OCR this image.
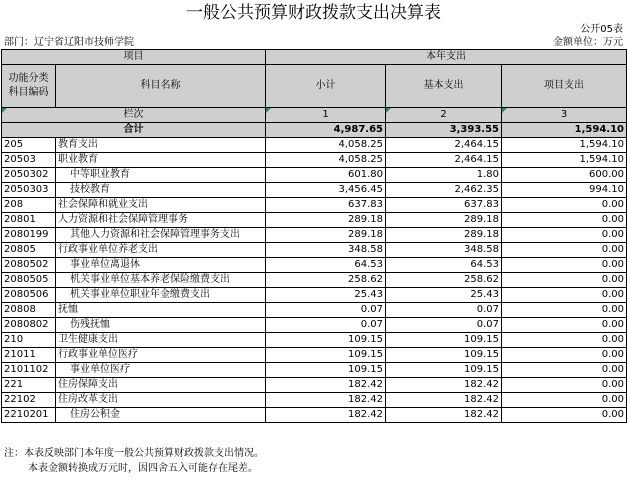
一般公共预算财政拨款支出决算表
公开05表
部门：辽宁省辽阳市技师学院	金额单位：万元
项目		本年支出		
功能分类科目编码	科目名称	小计	基本支出	项目支出
栏次		1	2	3
合计		4,987.65	3,393.55	1,594.10
205	教育支出	4,058.25	2,464.15	1,594.10
20503	职业教育	4,058.25	2,464.15	1,594.10
2050302	中等职业教育	601.80	1.80	600.00
2050303	技校教育	3,456.45	2,462.35	994.10
208	社会保障和就业支出	637.83	637.83	0.00
20801	人力资源和社会保障管理事务	289.18	289.18	0.00
2080199	其他人力资源和社会保障管理事务支出	289.18	289.18	0.00
20805	行政事业单位养老支出	348.58	348.58	0.00
2080502	事业单位离退休	64.53	64.53	0.00
2080505	机关事业单位基本养老保险缴费支出	258.62	258.62	0.00
2080506	机关事业单位职业年金缴费支出	25.43	25.43	0.00
20808	抚恤	0.07	0.07	0.00
2080802	伤残抚恤	0.07	0.07	0.00
210	卫生健康支出	109.15	109.15	0.00
21011	行政事业单位医疗	109.15	109.15	0.00
2101102	事业单位医疗	109.15	109.15	0.00
221	住房保障支出	182.42	182.42	0.00
22102	住房改革支出	182.42	182.42	0.00
2210201	住房公积金	182.42	182.42	0.00
注：本表反映部门本年度一般公共预算财政拨款支出情况。
本表金额转换成万元时，因四舍五入可能存在尾差。
